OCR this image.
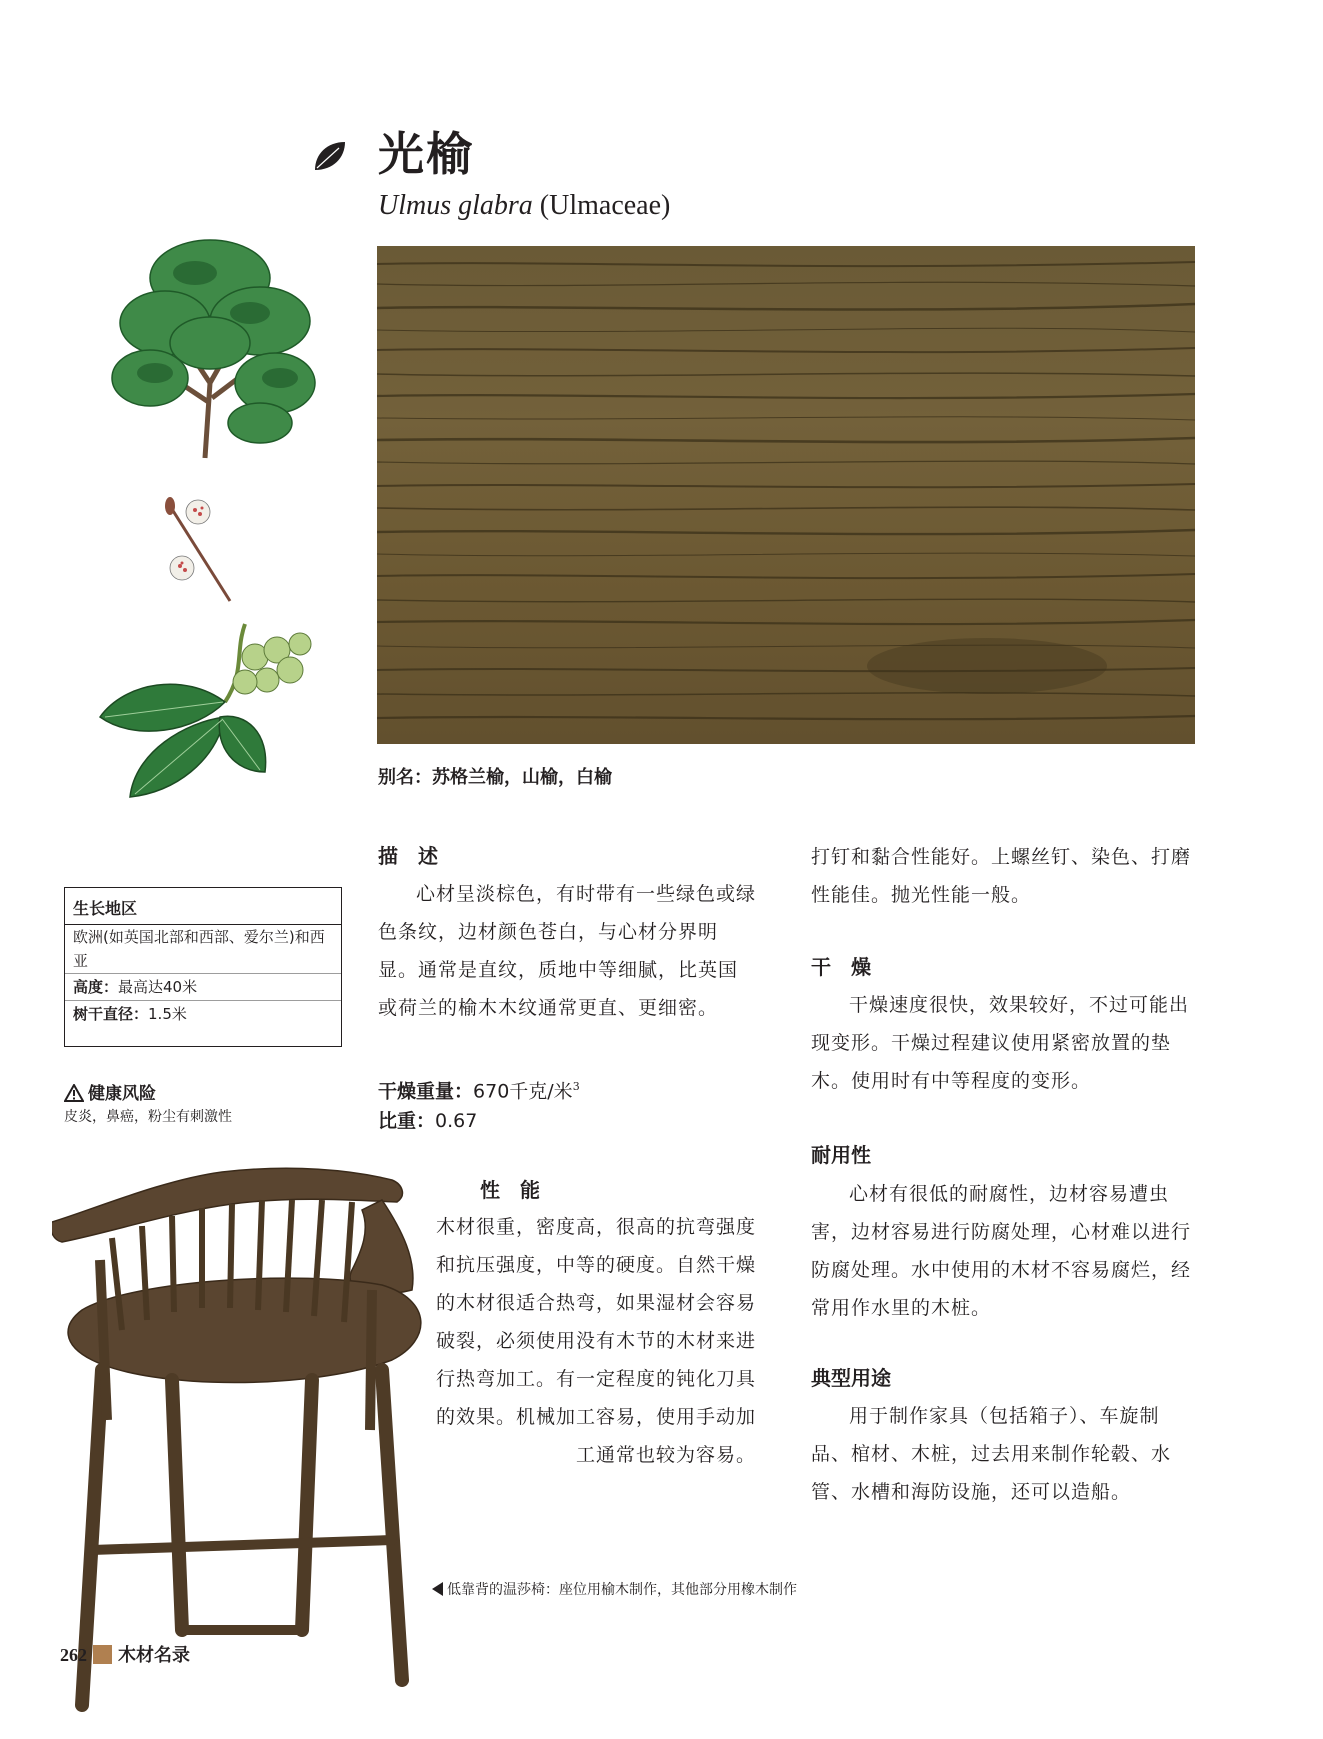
光榆
Ulmus glabra (Ulmaceae)
别名：苏格兰榆，山榆，白榆
生长地区
欧洲(如英国北部和西部、爱尔兰)和西亚
高度：最高达40米
树干直径：1.5米
健康风险
皮炎，鼻癌，粉尘有刺激性
描　述
心材呈淡棕色，有时带有一些绿色或绿色条纹，边材颜色苍白，与心材分界明显。通常是直纹，质地中等细腻，比英国或荷兰的榆木木纹通常更直、更细密。
干燥重量：670千克/米$^3$
比重：0.67
性　能
木材很重，密度高，很高的抗弯强度和抗压强度，中等的硬度。自然干燥的木材很适合热弯，如果湿材会容易破裂，必须使用没有木节的木材来进行热弯加工。有一定程度的钝化刀具的效果。机械加工容易，使用手动加工通常也较为容易。
打钉和黏合性能好。上螺丝钉、染色、打磨性能佳。抛光性能一般。
干　燥
干燥速度很快，效果较好，不过可能出现变形。干燥过程建议使用紧密放置的垫木。使用时有中等程度的变形。
耐用性
心材有很低的耐腐性，边材容易遭虫害，边材容易进行防腐处理，心材难以进行防腐处理。水中使用的木材不容易腐烂，经常用作水里的木桩。
典型用途
用于制作家具（包括箱子）、车旋制品、棺材、木桩，过去用来制作轮毂、水管、水槽和海防设施，还可以造船。
低靠背的温莎椅：座位用榆木制作，其他部分用橡木制作
262 木材名录
